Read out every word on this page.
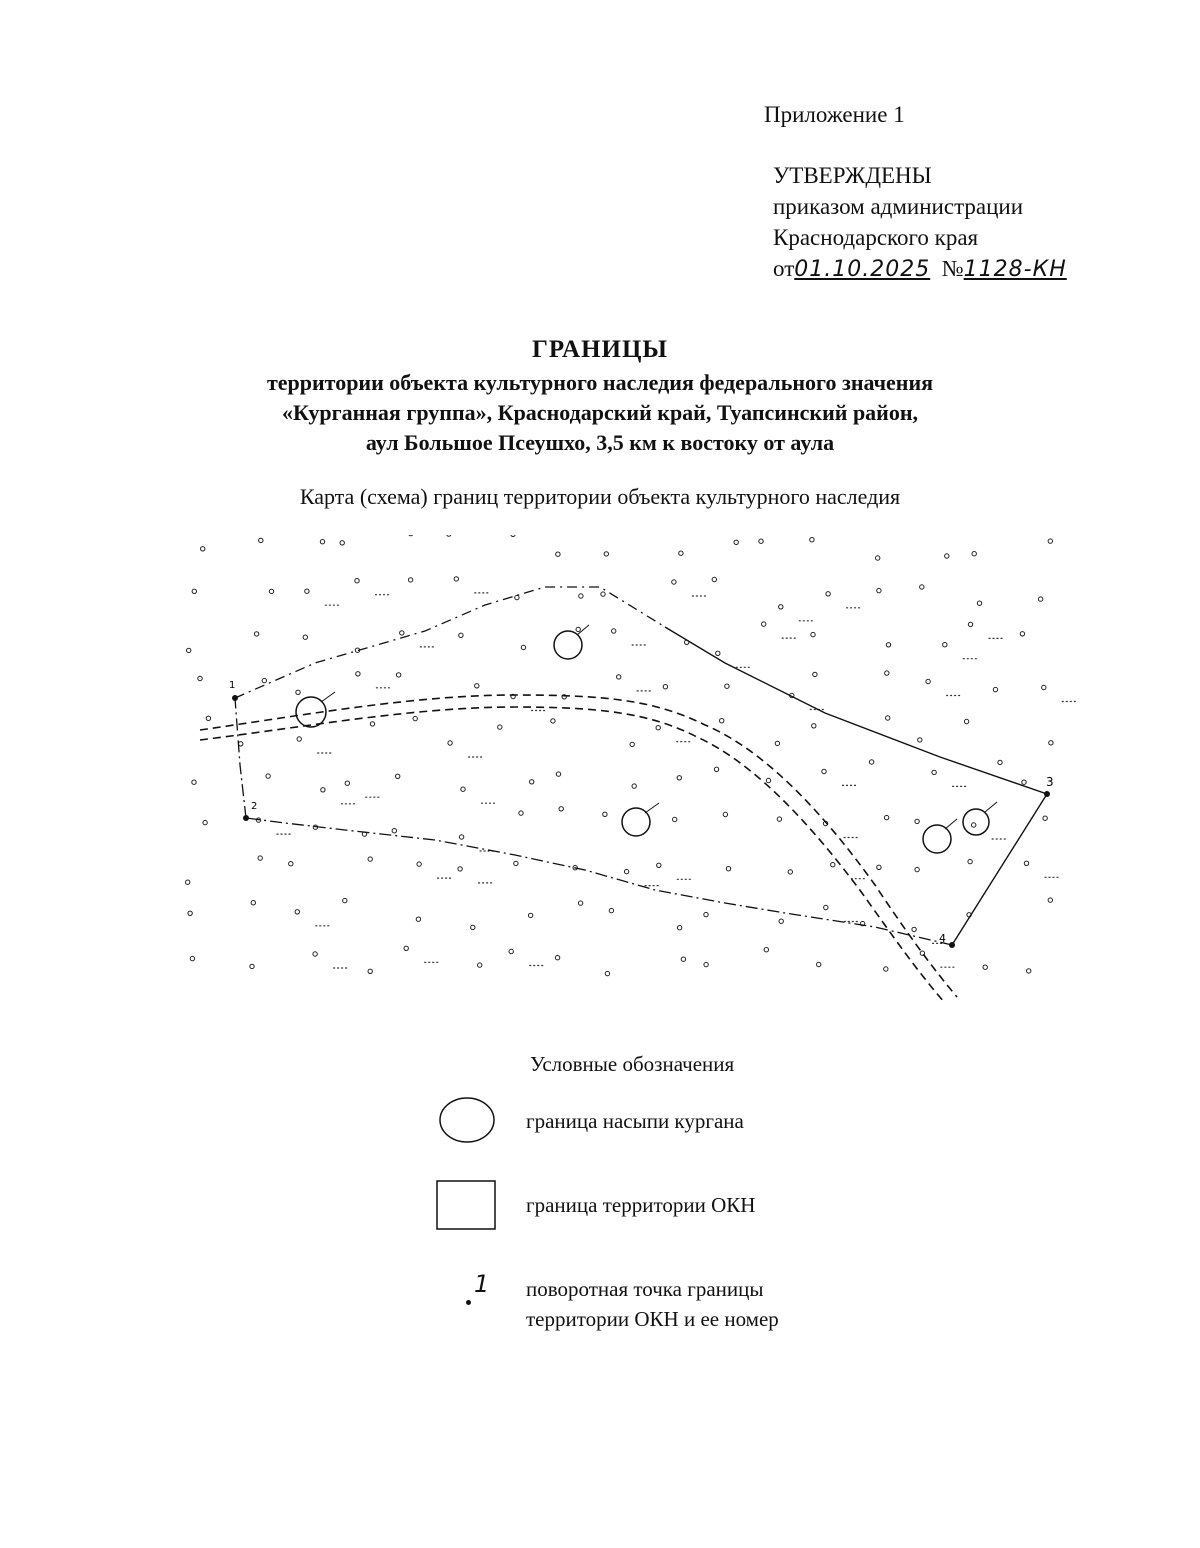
Приложение 1
УТВЕРЖДЕНЫ
приказом администрации
Краснодарского края
от01.10.2025 №1128-КН
ГРАНИЦЫ
территории объекта культурного наследия федерального значения
«Курганная группа», Краснодарский край, Туапсинский район,
аул Большое Псеушхо, 3,5 км к востоку от аула
Карта (схема) границ территории объекта культурного наследия
1
2
3
4
Условные обозначения
граница насыпи кургана
граница территории ОКН
1 поворотная точка границы
территории ОКН и ее номер
